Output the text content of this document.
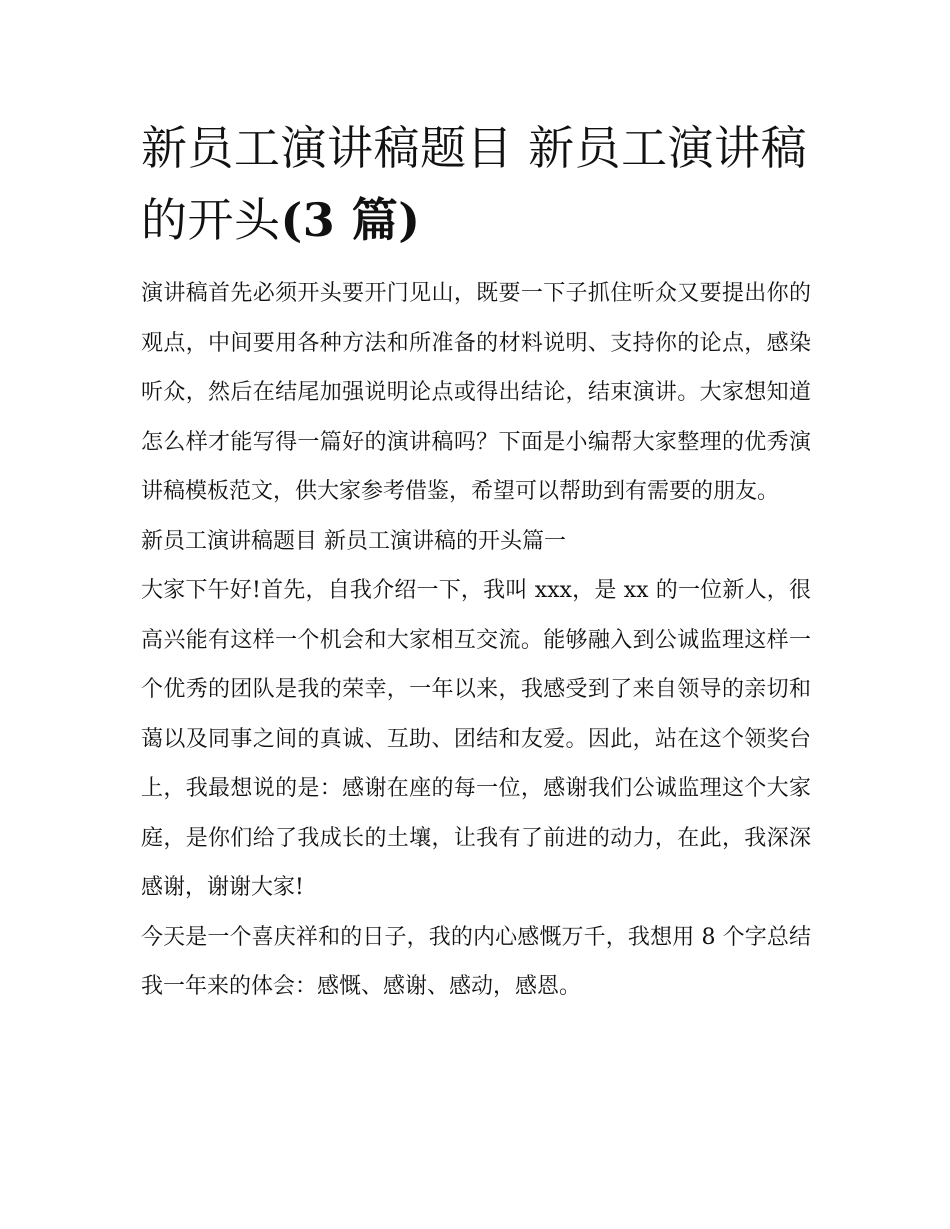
新员工演讲稿题目 新员工演讲稿的开头(3 篇)

演讲稿首先必须开头要开门见山，既要一下子抓住听众又要提出你的观点，中间要用各种方法和所准备的材料说明、支持你的论点，感染听众，然后在结尾加强说明论点或得出结论，结束演讲。大家想知道怎么样才能写得一篇好的演讲稿吗？下面是小编帮大家整理的优秀演讲稿模板范文，供大家参考借鉴，希望可以帮助到有需要的朋友。

新员工演讲稿题目 新员工演讲稿的开头篇一

大家下午好!首先，自我介绍一下，我叫 xxx，是 xx 的一位新人，很高兴能有这样一个机会和大家相互交流。能够融入到公诚监理这样一个优秀的团队是我的荣幸，一年以来，我感受到了来自领导的亲切和蔼以及同事之间的真诚、互助、团结和友爱。因此，站在这个领奖台上，我最想说的是：感谢在座的每一位，感谢我们公诚监理这个大家庭，是你们给了我成长的土壤，让我有了前进的动力，在此，我深深感谢，谢谢大家!

今天是一个喜庆祥和的日子，我的内心感慨万千，我想用 8 个字总结我一年来的体会：感慨、感谢、感动，感恩。
